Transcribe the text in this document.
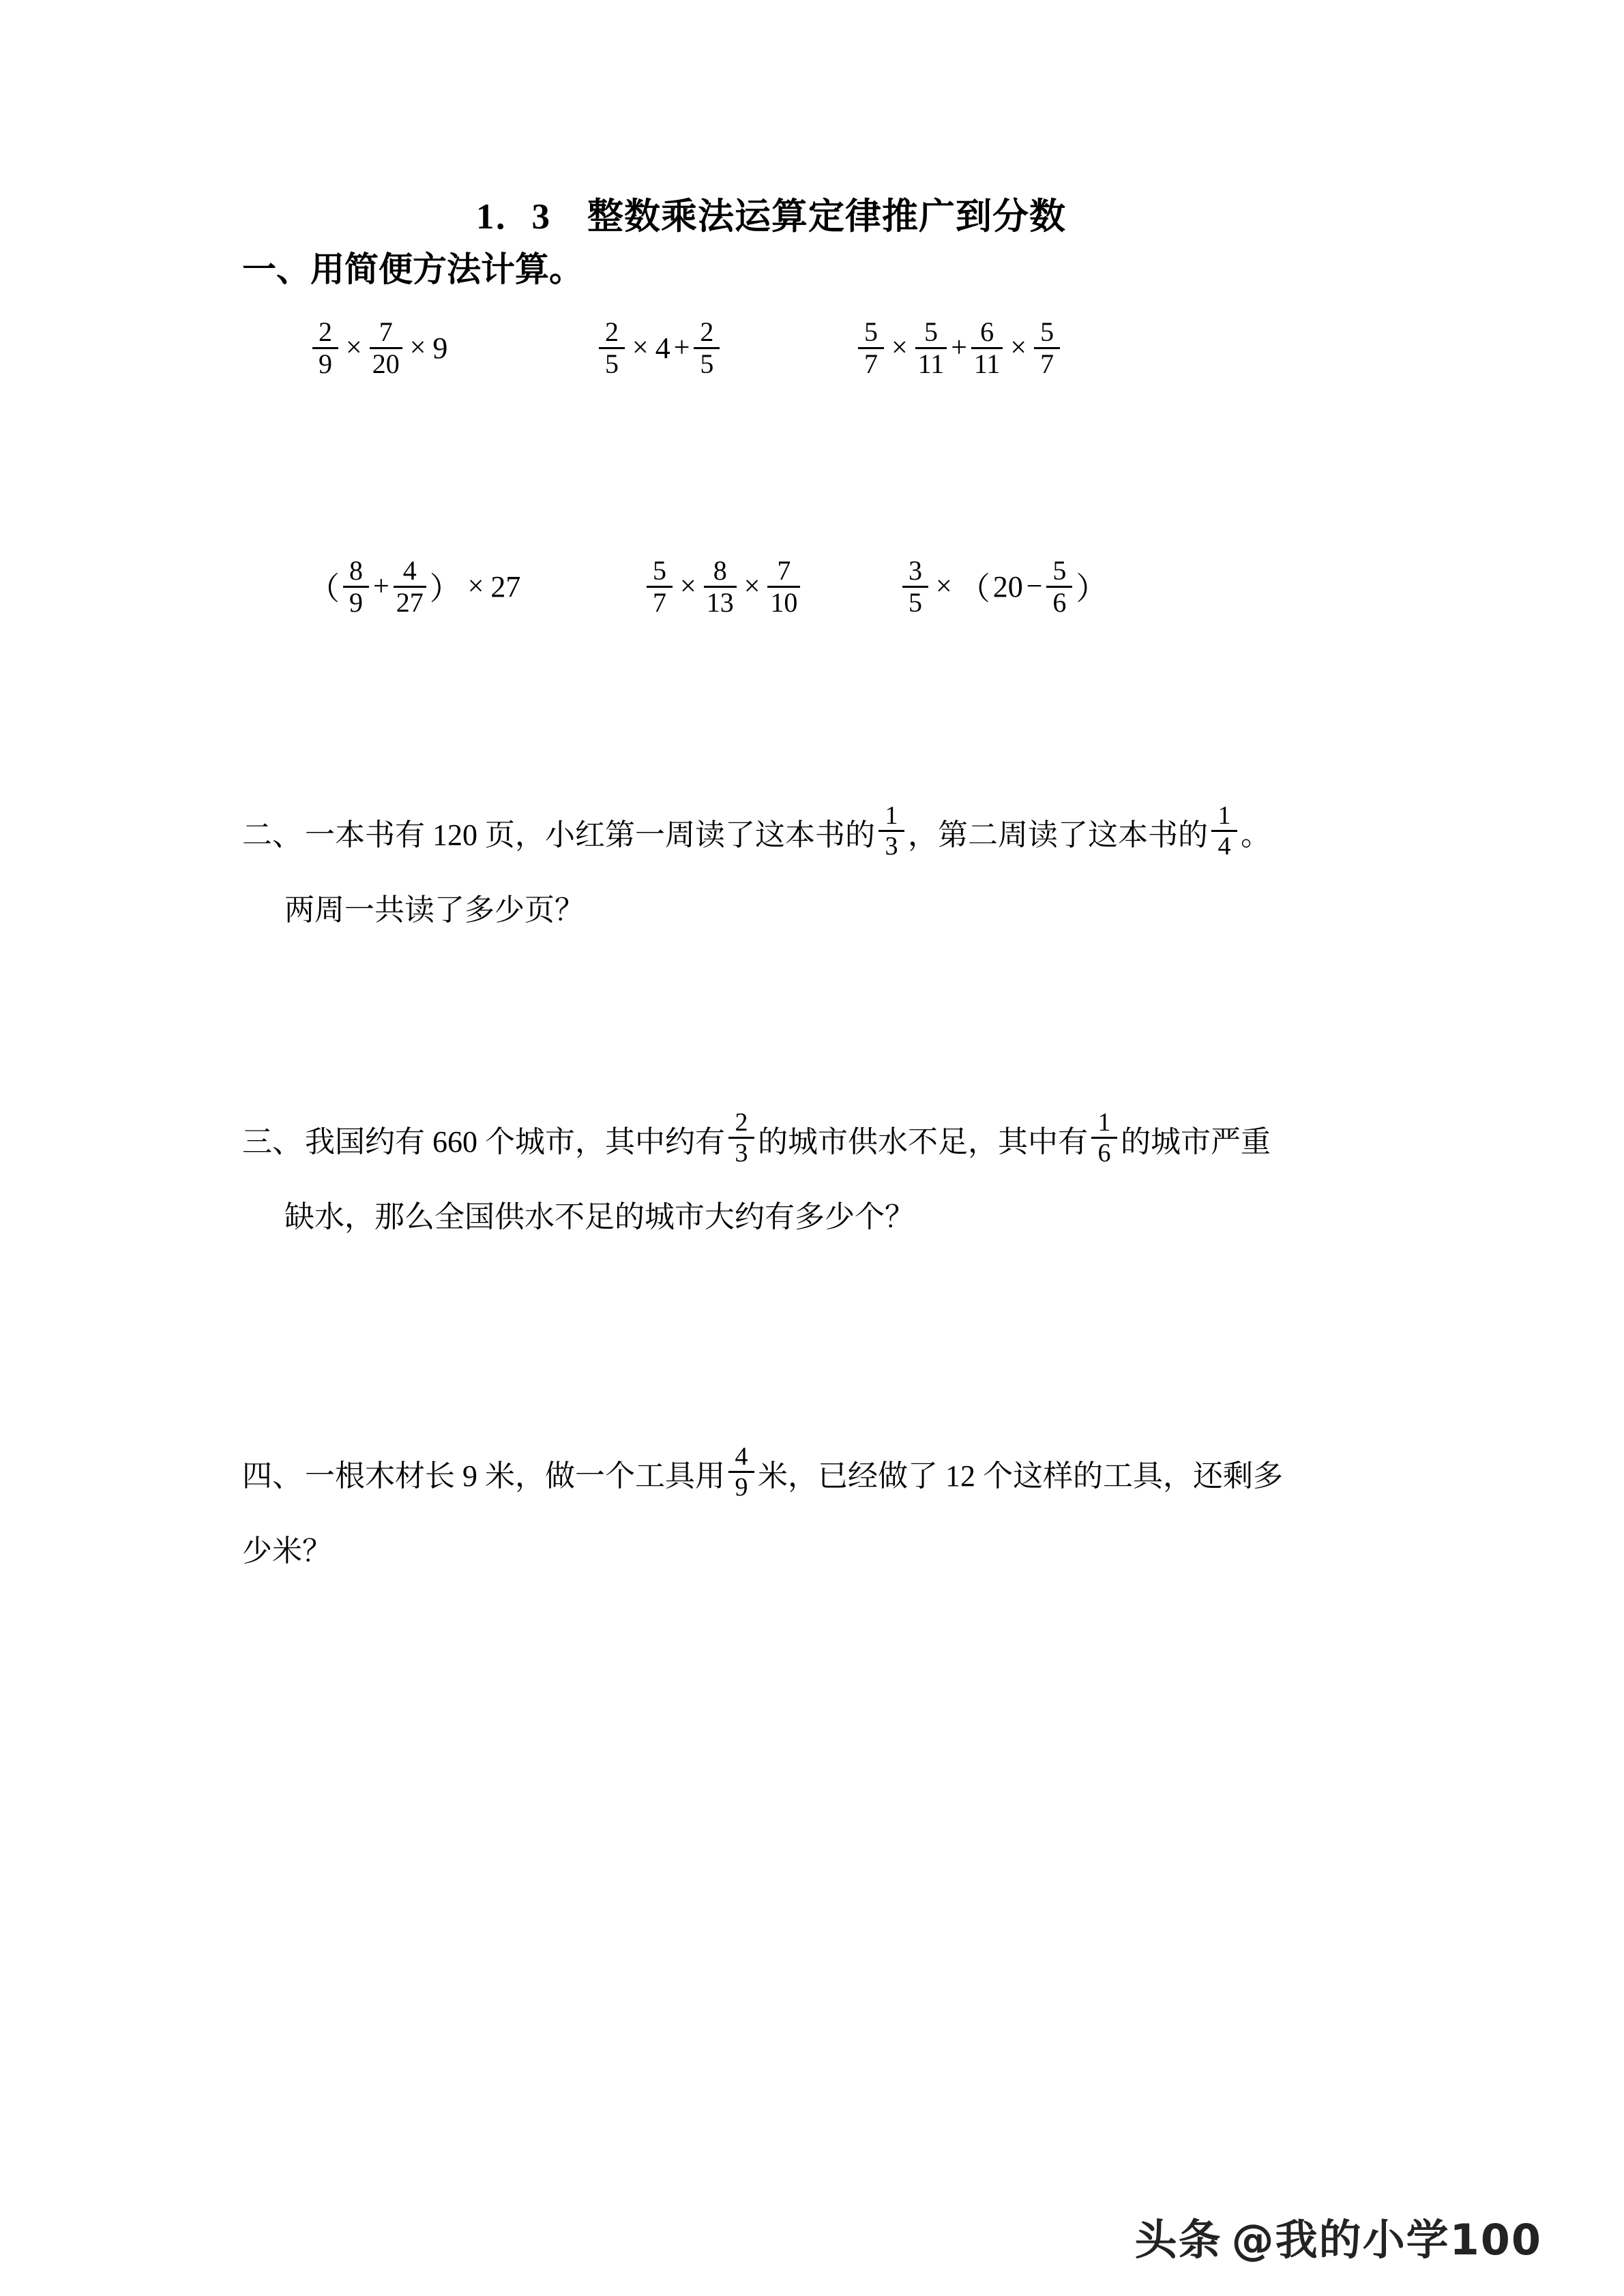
1．3　整数乘法运算定律推广到分数
一、用简便方法计算。
$\frac{2}{9} \times \frac{7}{20} \times 9$	$\frac{2}{5} \times 4 + \frac{2}{5}$	$\frac{5}{7} \times \frac{5}{11} + \frac{6}{11} \times \frac{5}{7}$
（ $\frac{8}{9} + \frac{4}{27}$ ） × 27	$\frac{5}{7} \times \frac{8}{13} \times \frac{7}{10}$	$\frac{3}{5}$ × （ $20 - \frac{5}{6}$ ）
二、 一本书有 120 页，小红第一周读了这本书的 $\frac{1}{3}$ ，第二周读了这本书的 $\frac{1}{4}$ 。
两周一共读了多少页？
三、 我国约有 660 个城市，其中约有 $\frac{2}{3}$ 的城市供水不足，其中有 $\frac{1}{6}$ 的城市严重
缺水，那么全国供水不足的城市大约有多少个？
四、 一根木材长 9 米，做一个工具用 $\frac{4}{9}$ 米，已经做了 12 个这样的工具，还剩多
少米？
头条 @我的小学100
